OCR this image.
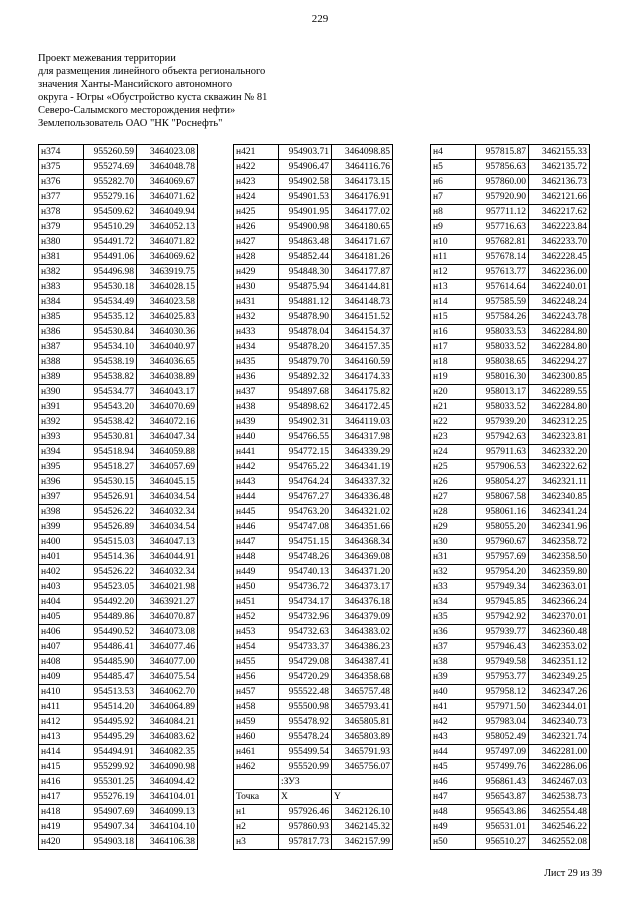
229
Проект межевания территории
для размещения линейного объекта регионального
значения Ханты-Мансийского автономного
округа - Югры «Обустройство куста скважин № 81
Северо-Салымского месторождения нефти»
Землепользователь ОАО "НК "Роснефть"
н374	955260.59	3464023.08
н375	955274.69	3464048.78
н376	955282.70	3464069.67
н377	955279.16	3464071.62
н378	954509.62	3464049.94
н379	954510.29	3464052.13
н380	954491.72	3464071.82
н381	954491.06	3464069.62
н382	954496.98	3463919.75
н383	954530.18	3464028.15
н384	954534.49	3464023.58
н385	954535.12	3464025.83
н386	954530.84	3464030.36
н387	954534.10	3464040.97
н388	954538.19	3464036.65
н389	954538.82	3464038.89
н390	954534.77	3464043.17
н391	954543.20	3464070.69
н392	954538.42	3464072.16
н393	954530.81	3464047.34
н394	954518.94	3464059.88
н395	954518.27	3464057.69
н396	954530.15	3464045.15
н397	954526.91	3464034.54
н398	954526.22	3464032.34
н399	954526.89	3464034.54
н400	954515.03	3464047.13
н401	954514.36	3464044.91
н402	954526.22	3464032.34
н403	954523.05	3464021.98
н404	954492.20	3463921.27
н405	954489.86	3464070.87
н406	954490.52	3464073.08
н407	954486.41	3464077.46
н408	954485.90	3464077.00
н409	954485.47	3464075.54
н410	954513.53	3464062.70
н411	954514.20	3464064.89
н412	954495.92	3464084.21
н413	954495.29	3464083.62
н414	954494.91	3464082.35
н415	955299.92	3464090.98
н416	955301.25	3464094.42
н417	955276.19	3464104.01
н418	954907.69	3464099.13
н419	954907.34	3464104.10
н420	954903.18	3464106.38
н421	954903.71	3464098.85
н422	954906.47	3464116.76
н423	954902.58	3464173.15
н424	954901.53	3464176.91
н425	954901.95	3464177.02
н426	954900.98	3464180.65
н427	954863.48	3464171.67
н428	954852.44	3464181.26
н429	954848.30	3464177.87
н430	954875.94	3464144.81
н431	954881.12	3464148.73
н432	954878.90	3464151.52
н433	954878.04	3464154.37
н434	954878.20	3464157.35
н435	954879.70	3464160.59
н436	954892.32	3464174.33
н437	954897.68	3464175.82
н438	954898.62	3464172.45
н439	954902.31	3464119.03
н440	954766.55	3464317.98
н441	954772.15	3464339.29
н442	954765.22	3464341.19
н443	954764.24	3464337.32
н444	954767.27	3464336.48
н445	954763.20	3464321.02
н446	954747.08	3464351.66
н447	954751.15	3464368.34
н448	954748.26	3464369.08
н449	954740.13	3464371.20
н450	954736.72	3464373.17
н451	954734.17	3464376.18
н452	954732.96	3464379.09
н453	954732.63	3464383.02
н454	954733.37	3464386.23
н455	954729.08	3464387.41
н456	954720.29	3464358.68
н457	955522.48	3465757.48
н458	955500.98	3465793.41
н459	955478.92	3465805.81
н460	955478.24	3465803.89
н461	955499.54	3465791.93
н462	955520.99	3465756.07
	:ЗУ3	
Точка	X	Y
н1	957926.46	3462126.10
н2	957860.93	3462145.32
н3	957817.73	3462157.99
н4	957815.87	3462155.33
н5	957856.63	3462135.72
н6	957860.00	3462136.73
н7	957920.90	3462121.66
н8	957711.12	3462217.62
н9	957716.63	3462223.84
н10	957682.81	3462233.70
н11	957678.14	3462228.45
н12	957613.77	3462236.00
н13	957614.64	3462240.01
н14	957585.59	3462248.24
н15	957584.26	3462243.78
н16	958033.53	3462284.80
н17	958033.52	3462284.80
н18	958038.65	3462294.27
н19	958016.30	3462300.85
н20	958013.17	3462289.55
н21	958033.52	3462284.80
н22	957939.20	3462312.25
н23	957942.63	3462323.81
н24	957911.63	3462332.20
н25	957906.53	3462322.62
н26	958054.27	3462321.11
н27	958067.58	3462340.85
н28	958061.16	3462341.24
н29	958055.20	3462341.96
н30	957960.67	3462358.72
н31	957957.69	3462358.50
н32	957954.20	3462359.80
н33	957949.34	3462363.01
н34	957945.85	3462366.24
н35	957942.92	3462370.01
н36	957939.77	3462360.48
н37	957946.43	3462353.02
н38	957949.58	3462351.12
н39	957953.77	3462349.25
н40	957958.12	3462347.26
н41	957971.50	3462344.01
н42	957983.04	3462340.73
н43	958052.49	3462321.74
н44	957497.09	3462281.00
н45	957499.76	3462286.06
н46	956861.43	3462467.03
н47	956543.87	3462538.73
н48	956543.86	3462554.48
н49	956531.01	3462546.22
н50	956510.27	3462552.08
Лист 29 из 39
